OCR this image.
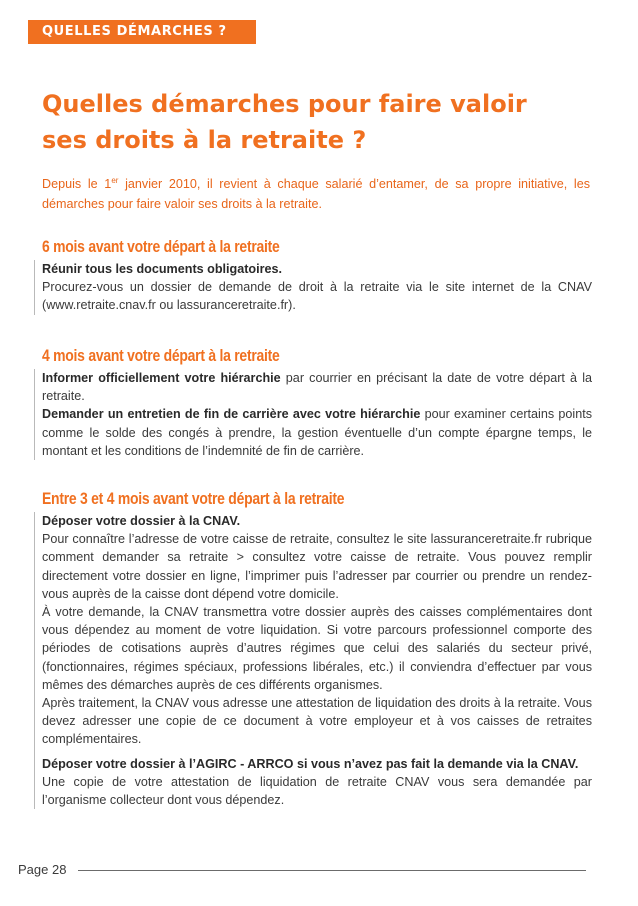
QUELLES DÉMARCHES ?
Quelles démarches pour faire valoir ses droits à la retraite ?

Depuis le 1er janvier 2010, il revient à chaque salarié d’entamer, de sa propre initiative, les démarches pour faire valoir ses droits à la retraite.

6 mois avant votre départ à la retraite

Réunir tous les documents obligatoires.
Procurez-vous un dossier de demande de droit à la retraite via le site internet de la CNAV (www.retraite.cnav.fr ou lassuranceretraite.fr).

4 mois avant votre départ à la retraite

Informer officiellement votre hiérarchie par courrier en précisant la date de votre départ à la retraite.

Demander un entretien de fin de carrière avec votre hiérarchie pour examiner certains points comme le solde des congés à prendre, la gestion éventuelle d’un compte épargne temps, le montant et les conditions de l’indemnité de fin de carrière.

Entre 3 et 4 mois avant votre départ à la retraite

Déposer votre dossier à la CNAV.
Pour connaître l’adresse de votre caisse de retraite, consultez le site lassuranceretraite.fr rubrique comment demander sa retraite > consultez votre caisse de retraite. Vous pouvez remplir directement votre dossier en ligne, l’imprimer puis l’adresser par courrier ou prendre un rendez-vous auprès de la caisse dont dépend votre domicile.

À votre demande, la CNAV transmettra votre dossier auprès des caisses complémentaires dont vous dépendez au moment de votre liquidation. Si votre parcours professionnel comporte des périodes de cotisations auprès d’autres régimes que celui des salariés du secteur privé, (fonctionnaires, régimes spéciaux, professions libérales, etc.) il conviendra d’effectuer par vous mêmes des démarches auprès de ces différents organismes.

Après traitement, la CNAV vous adresse une attestation de liquidation des droits à la retraite. Vous devez adresser une copie de ce document à votre employeur et à vos caisses de retraites complémentaires.

Déposer votre dossier à l’AGIRC - ARRCO si vous n’avez pas fait la demande via la CNAV.
Une copie de votre attestation de liquidation de retraite CNAV vous sera demandée par l’organisme collecteur dont vous dépendez.

Page 28
